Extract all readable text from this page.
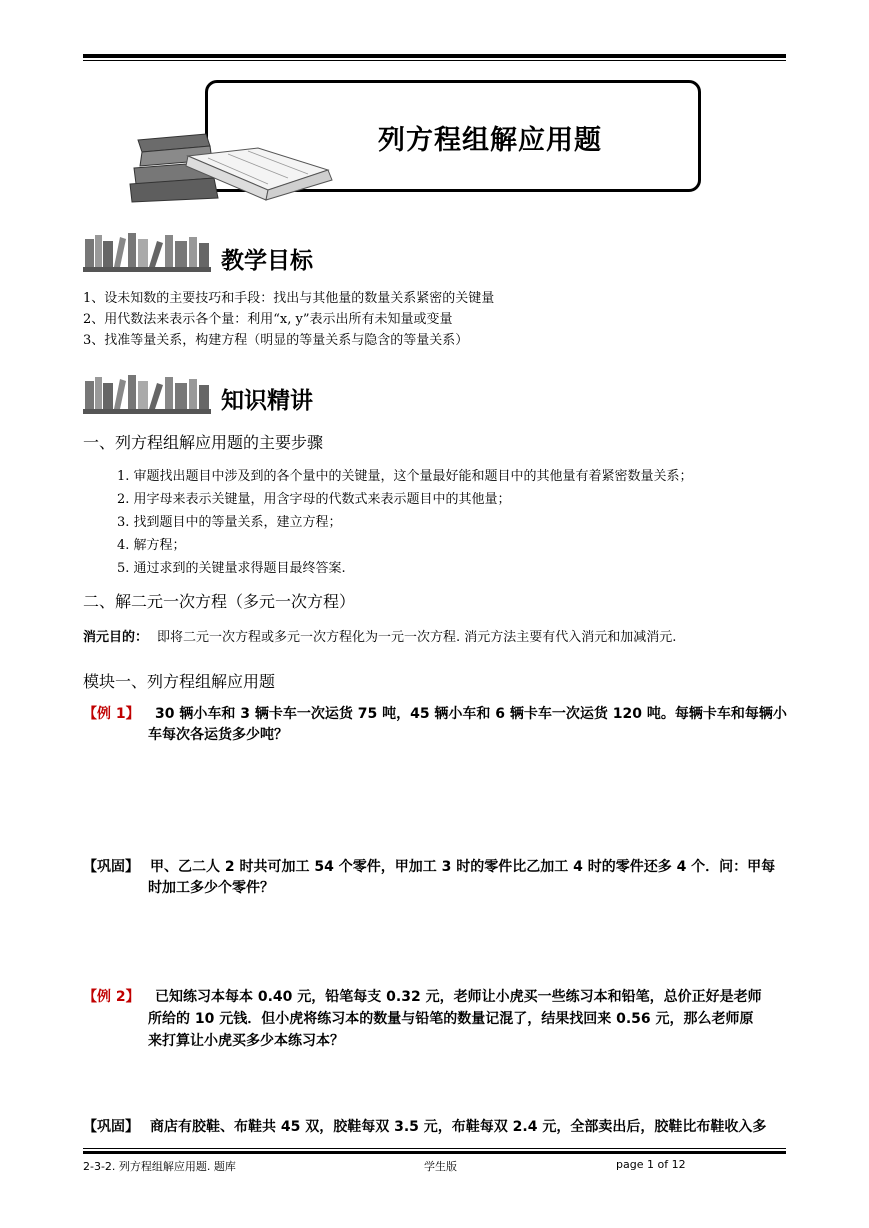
列方程组解应用题
教学目标
1、设未知数的主要技巧和手段：找出与其他量的数量关系紧密的关键量
2、用代数法来表示各个量：利用“x, y”表示出所有未知量或变量
3、找准等量关系，构建方程（明显的等量关系与隐含的等量关系）
知识精讲
一、列方程组解应用题的主要步骤
1. 审题找出题目中涉及到的各个量中的关键量，这个量最好能和题目中的其他量有着紧密数量关系；
2. 用字母来表示关键量，用含字母的代数式来表示题目中的其他量；
3. 找到题目中的等量关系，建立方程；
4. 解方程；
5. 通过求到的关键量求得题目最终答案.
二、解二元一次方程（多元一次方程）
消元目的： 即将二元一次方程或多元一次方程化为一元一次方程. 消元方法主要有代入消元和加减消元.
模块一、列方程组解应用题
【例 1】 30 辆小车和 3 辆卡车一次运货 75 吨，45 辆小车和 6 辆卡车一次运货 120 吨。每辆卡车和每辆小
车每次各运货多少吨？
【巩固】 甲、乙二人 2 时共可加工 54 个零件，甲加工 3 时的零件比乙加工 4 时的零件还多 4 个．问：甲每
时加工多少个零件？
【例 2】 已知练习本每本 0.40 元，铅笔每支 0.32 元，老师让小虎买一些练习本和铅笔，总价正好是老师
所给的 10 元钱．但小虎将练习本的数量与铅笔的数量记混了，结果找回来 0.56 元，那么老师原
来打算让小虎买多少本练习本？
【巩固】 商店有胶鞋、布鞋共 45 双，胶鞋每双 3.5 元，布鞋每双 2.4 元，全部卖出后，胶鞋比布鞋收入多
2-3-2. 列方程组解应用题. 题库	学生版	page 1 of 12
